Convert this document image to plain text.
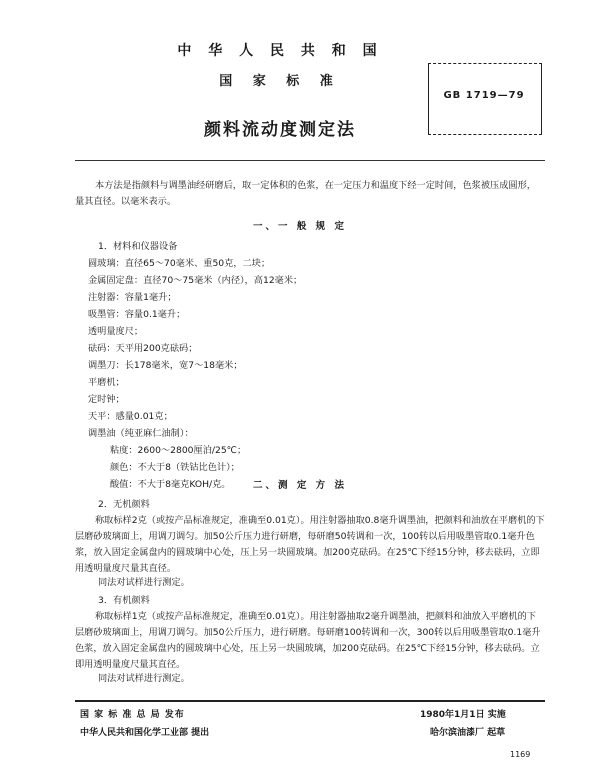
中 华 人 民 共 和 国
国 家 标 准
颜料流动度测定法
GB 1719—79
本方法是指颜料与调墨油经研磨后，取一定体积的色浆，在一定压力和温度下经一定时间，色浆被压成圆形，量其直径。以毫米表示。
一、一 般 规 定
1．材料和仪器设备
圆玻璃：直径65～70毫米、重50克，二块；
金属固定盘：直径70～75毫米（内径），高12毫米；
注射器：容量1毫升；
吸墨管：容量0.1毫升；
透明量度尺；
砝码：天平用200克砝码；
调墨刀：长178毫米，宽7～18毫米；
平磨机；
定时钟；
天平：感量0.01克；
调墨油（纯亚麻仁油制）：
粘度：2600～2800厘泊/25℃；
颜色：不大于8（铁钴比色计）；
酸值：不大于8毫克KOH/克。	二、测 定 方 法
2．无机颜料
称取标样2克（或按产品标准规定，准确至0.01克）。用注射器抽取0.8毫升调墨油，把颜料和油放在平磨机的下层磨砂玻璃面上，用调刀调匀。加50公斤压力进行研磨，每研磨50转调和一次，100转以后用吸墨管取0.1毫升色浆，放入固定金属盘内的圆玻璃中心处，压上另一块圆玻璃。加200克砝码。在25℃下经15分钟，移去砝码，立即用透明量度尺量其直径。
同法对试样进行测定。
3．有机颜料
称取标样1克（或按产品标准规定，准确至0.01克）。用注射器抽取2毫升调墨油，把颜料和油放入平磨机的下层磨砂玻璃面上，用调刀调匀。加50公斤压力，进行研磨。每研磨100转调和一次，300转以后用吸墨管取0.1毫升色浆，放入固定金属盘内的圆玻璃中心处，压上另一块圆玻璃，加200克砝码。在25℃下经15分钟，移去砝码。立即用透明量度尺量其直径。
同法对试样进行测定。
国 家 标 准 总 局 发布	1980年1月1日 实施
中华人民共和国化学工业部 提出	哈尔滨油漆厂 起草
1169
